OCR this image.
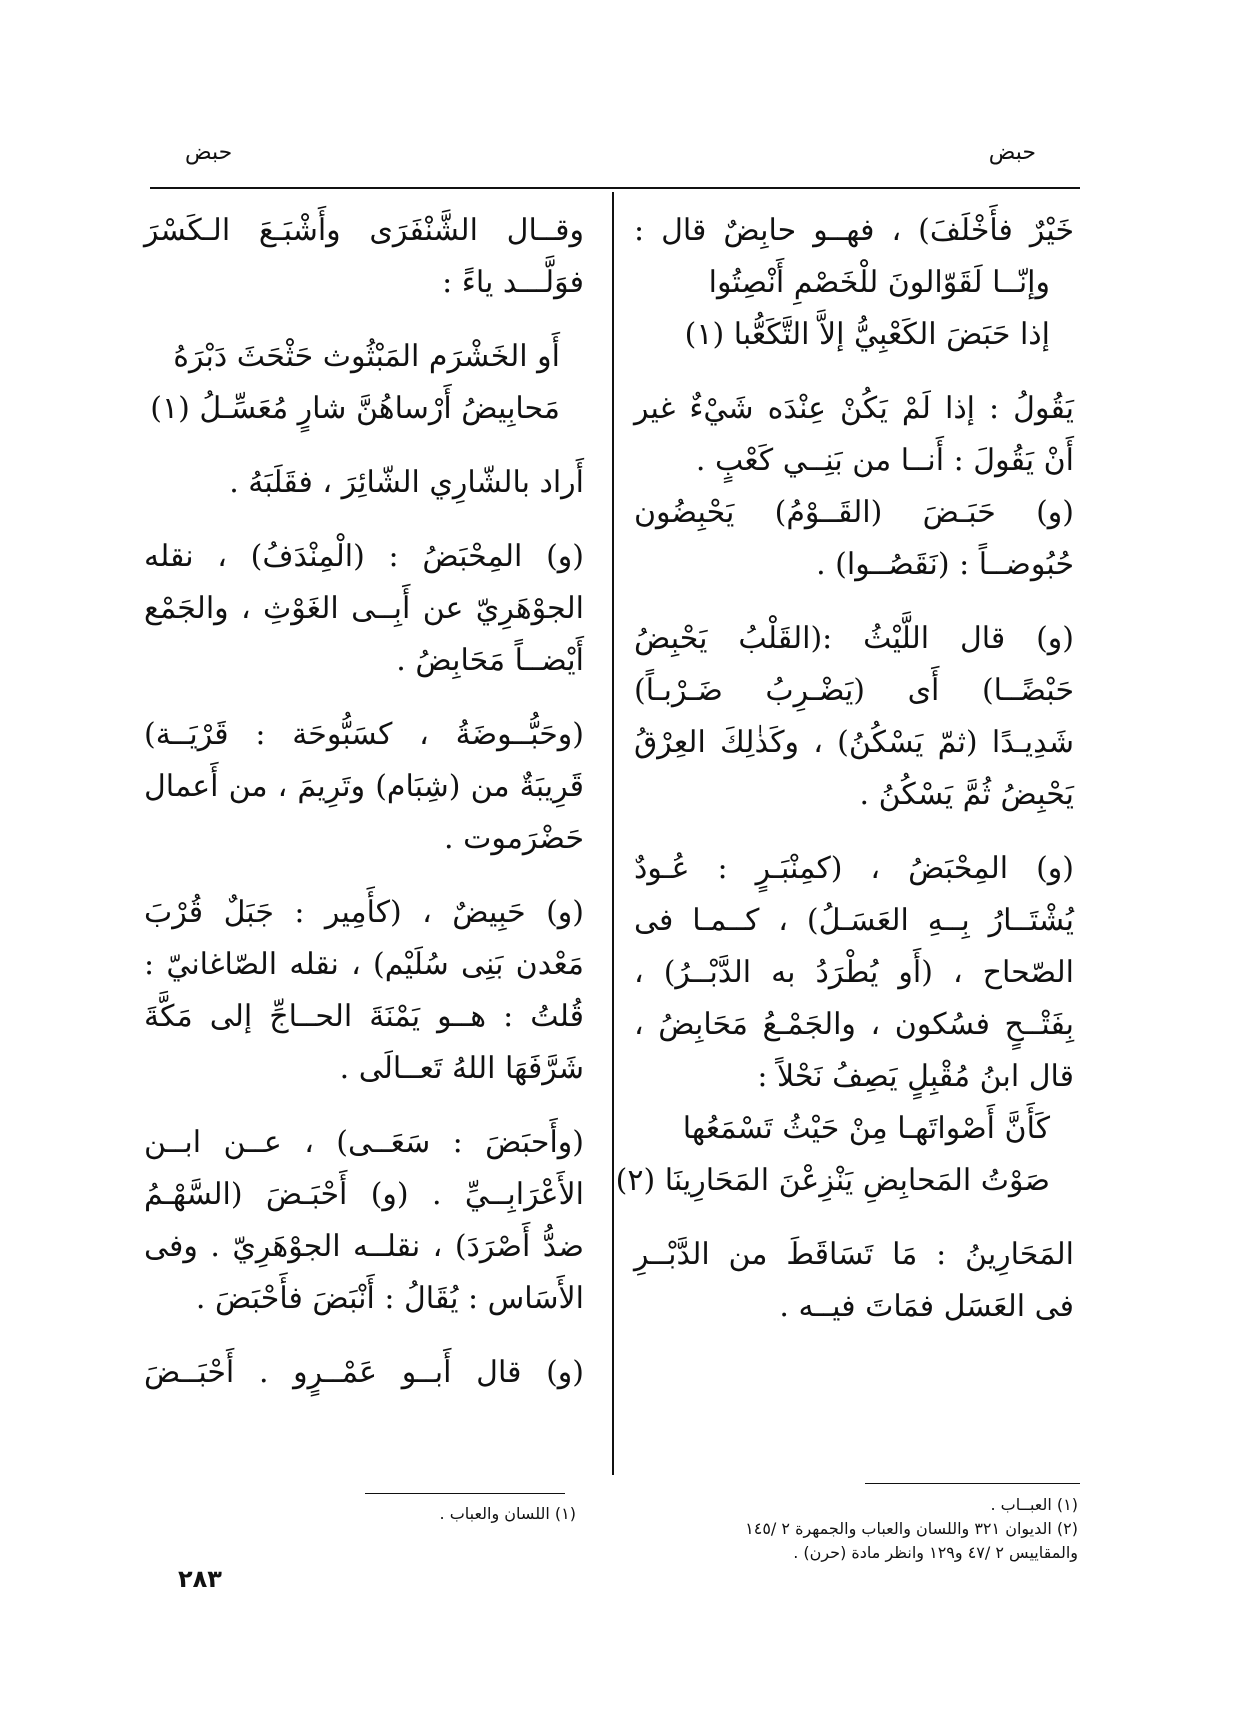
حبض
حبض
خَيْرٌ فأَخْلَفَ) ، فهــو حابِضٌ قال :
وإنّــا لَقَوّالونَ للْخَصْمِ أَنْصِتُوا
إذا حَبَضَ الكَعْبِيُّ إلاَّ التَّكَعُّبا (١)
يَقُولُ : إذا لَمْ يَكُنْ عِنْدَه شَيْءٌ غير
أَنْ يَقُولَ : أَنــا من بَنِــي كَعْبٍ .
(و) حَبَـضَ (القَــوْمُ) يَحْبِضُون
حُبُوضــاً : (نَقَصُــوا) .
(و) قال اللَّيْثُ :(القَلْبُ يَحْبِضُ
حَبْضًــا) أَى (يَضْـرِبُ ضَـرْبـاً)
شَدِيـدًا (ثمّ يَسْكُنُ) ، وكَذٰلِكَ العِرْقُ
يَحْبِضُ ثُمَّ يَسْكُنُ .
(و) المِحْبَضُ ، (كمِنْبَـرٍ : عُـودٌ
يُشْتَــارُ بِــهِ العَسَـلُ) ، كــمـا فى
الصّحاح ، (أَو يُطْرَدُ به الدَّبْــرُ) ،
بِفَتْــحٍ فسُكون ، والجَمْـعُ مَحَابِضُ ،
قال ابنُ مُقْبِلٍ يَصِفُ نَحْلاً :
كَأَنَّ أَصْواتَهـا مِنْ حَيْثُ تَسْمَعُها
صَوْتُ المَحابِضِ يَنْزِعْنَ المَحَارِينَا (٢)
المَحَارِينُ : مَا تَسَاقَطَ من الدَّبْــرِ
فى العَسَل فمَاتَ فيــه .
وقــال الشَّنْفَرَى وأَشْبَـعَ الـكَسْرَ
فوَلَّـــد ياءً :
أَو الخَشْرَم المَبْثُوث حَثْحَثَ دَبْرَهُ
مَحابِيضُ أَرْساهُنَّ شارٍ مُعَسِّـلُ (١)
أَراد بالشّارِي الشّائِرَ ، فقَلَبَهُ .
(و) المِحْبَضُ : (الْمِنْدَفُ) ، نقله
الجوْهَرِيّ عن أَبِــى الغَوْثِ ، والجَمْع
أَيْضــاً مَحَابِضُ .
(وحَبُّــوضَةُ ، كسَبُّوحَة : قَرْيَــة)
قَرِيبَةٌ من (شِبَام) وتَرِيمَ ، من أَعمال
حَضْرَموت .
(و) حَبِيضٌ ، (كأَمِير : جَبَلٌ قُرْبَ
مَعْدن بَنِى سُلَيْم) ، نقله الصّاغانيّ :
قُلتُ : هــو يَمْنَةَ الحــاجِّ إلى مَكَّةَ
شَرَّفَهَا اللهُ تَعــالَى .
(وأَحبَضَ : سَعَــى) ، عــن ابــن
الأَعْرَابِــيِّ . (و) أَحْبَـضَ (السَّهْـمُ
ضدُّ أَصْرَدَ) ، نقلــه الجوْهَرِيّ . وفى
الأَسَاس : يُقَالُ : أَنْبَضَ فأَحْبَضَ .
(و) قال أَبــو عَمْــرٍو . أَحْبَــضَ
(١) العبــاب .
(٢) الديوان ٣٢١ واللسان والعباب والجمهرة ٢ /١٤٥
والمقاييس ٢ /٤٧ و١٢٩ وانظر مادة (حرن) .
(١) اللسان والعباب .
٢٨٣
